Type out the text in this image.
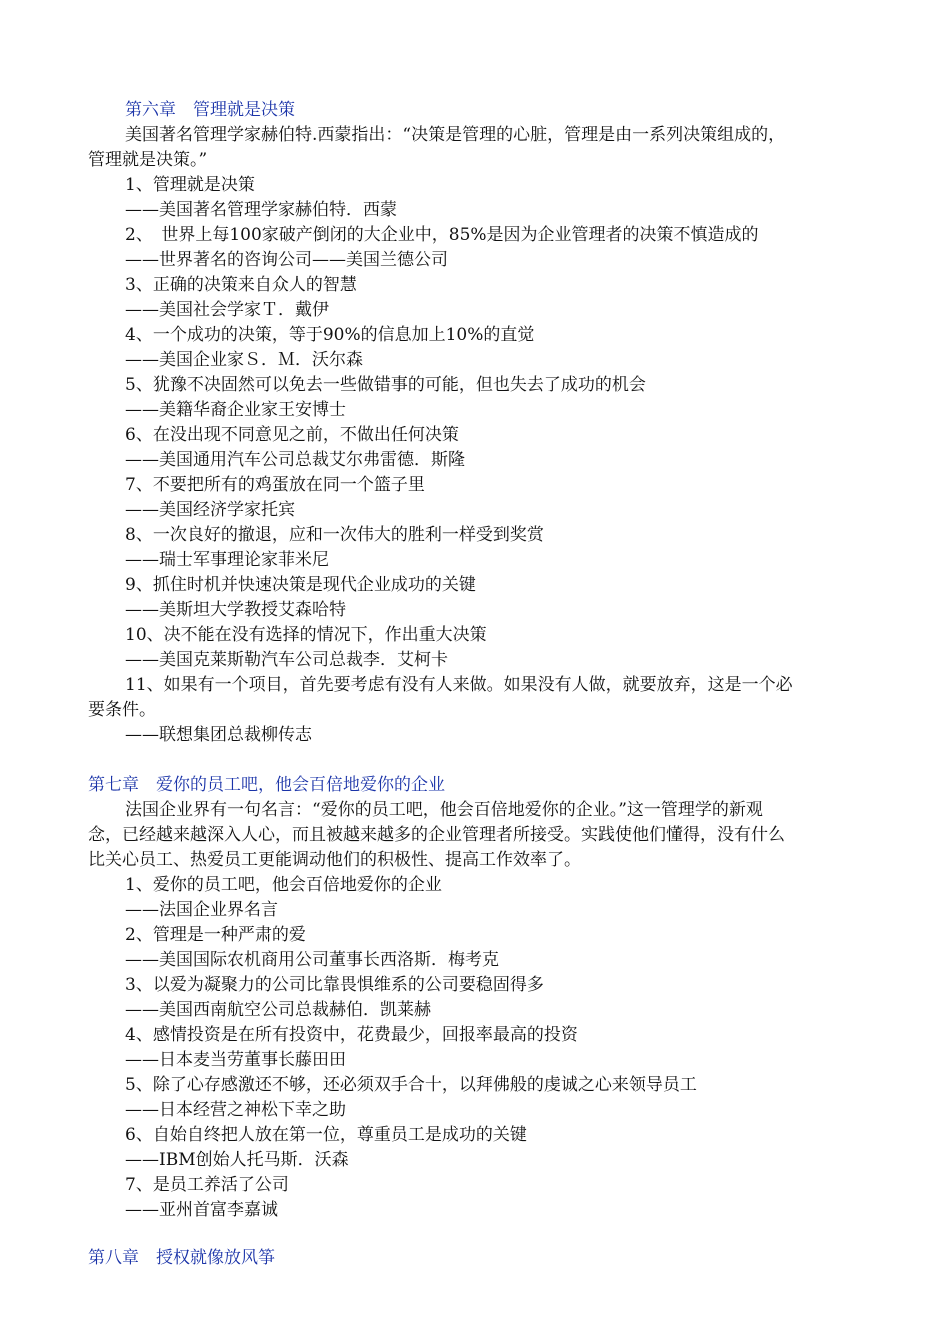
第六章　管理就是决策

美国著名管理学家赫伯特.西蒙指出：“决策是管理的心脏，管理是由一系列决策组成的，

管理就是决策。”

1、管理就是决策

——美国著名管理学家赫伯特．西蒙

2、　世界上每100家破产倒闭的大企业中，85%是因为企业管理者的决策不慎造成的

——世界著名的咨询公司——美国兰德公司

3、正确的决策来自众人的智慧

——美国社会学家Ｔ．戴伊

4、一个成功的决策，等于90%的信息加上10%的直觉

——美国企业家Ｓ．Ｍ．沃尔森

5、犹豫不决固然可以免去一些做错事的可能，但也失去了成功的机会

——美籍华裔企业家王安博士

6、在没出现不同意见之前，不做出任何决策

——美国通用汽车公司总裁艾尔弗雷德．斯隆

7、不要把所有的鸡蛋放在同一个篮子里

——美国经济学家托宾

8、一次良好的撤退，应和一次伟大的胜利一样受到奖赏

——瑞士军事理论家菲米尼

9、抓住时机并快速决策是现代企业成功的关键

——美斯坦大学教授艾森哈特

10、决不能在没有选择的情况下，作出重大决策

——美国克莱斯勒汽车公司总裁李．艾柯卡

11、如果有一个项目，首先要考虑有没有人来做。如果没有人做，就要放弃，这是一个必

要条件。

——联想集团总裁柳传志

第七章　爱你的员工吧，他会百倍地爱你的企业

法国企业界有一句名言：“爱你的员工吧，他会百倍地爱你的企业。”这一管理学的新观

念，已经越来越深入人心，而且被越来越多的企业管理者所接受。实践使他们懂得，没有什么

比关心员工、热爱员工更能调动他们的积极性、提高工作效率了。

1、爱你的员工吧，他会百倍地爱你的企业

——法国企业界名言

2、管理是一种严肃的爱

——美国国际农机商用公司董事长西洛斯．梅考克

3、以爱为凝聚力的公司比靠畏惧维系的公司要稳固得多

——美国西南航空公司总裁赫伯．凯莱赫

4、感情投资是在所有投资中，花费最少，回报率最高的投资

——日本麦当劳董事长藤田田

5、除了心存感激还不够，还必须双手合十，以拜佛般的虔诚之心来领导员工

——日本经营之神松下幸之助

6、自始自终把人放在第一位，尊重员工是成功的关键

——IBM创始人托马斯．沃森

7、是员工养活了公司

——亚州首富李嘉诚

第八章　授权就像放风筝
